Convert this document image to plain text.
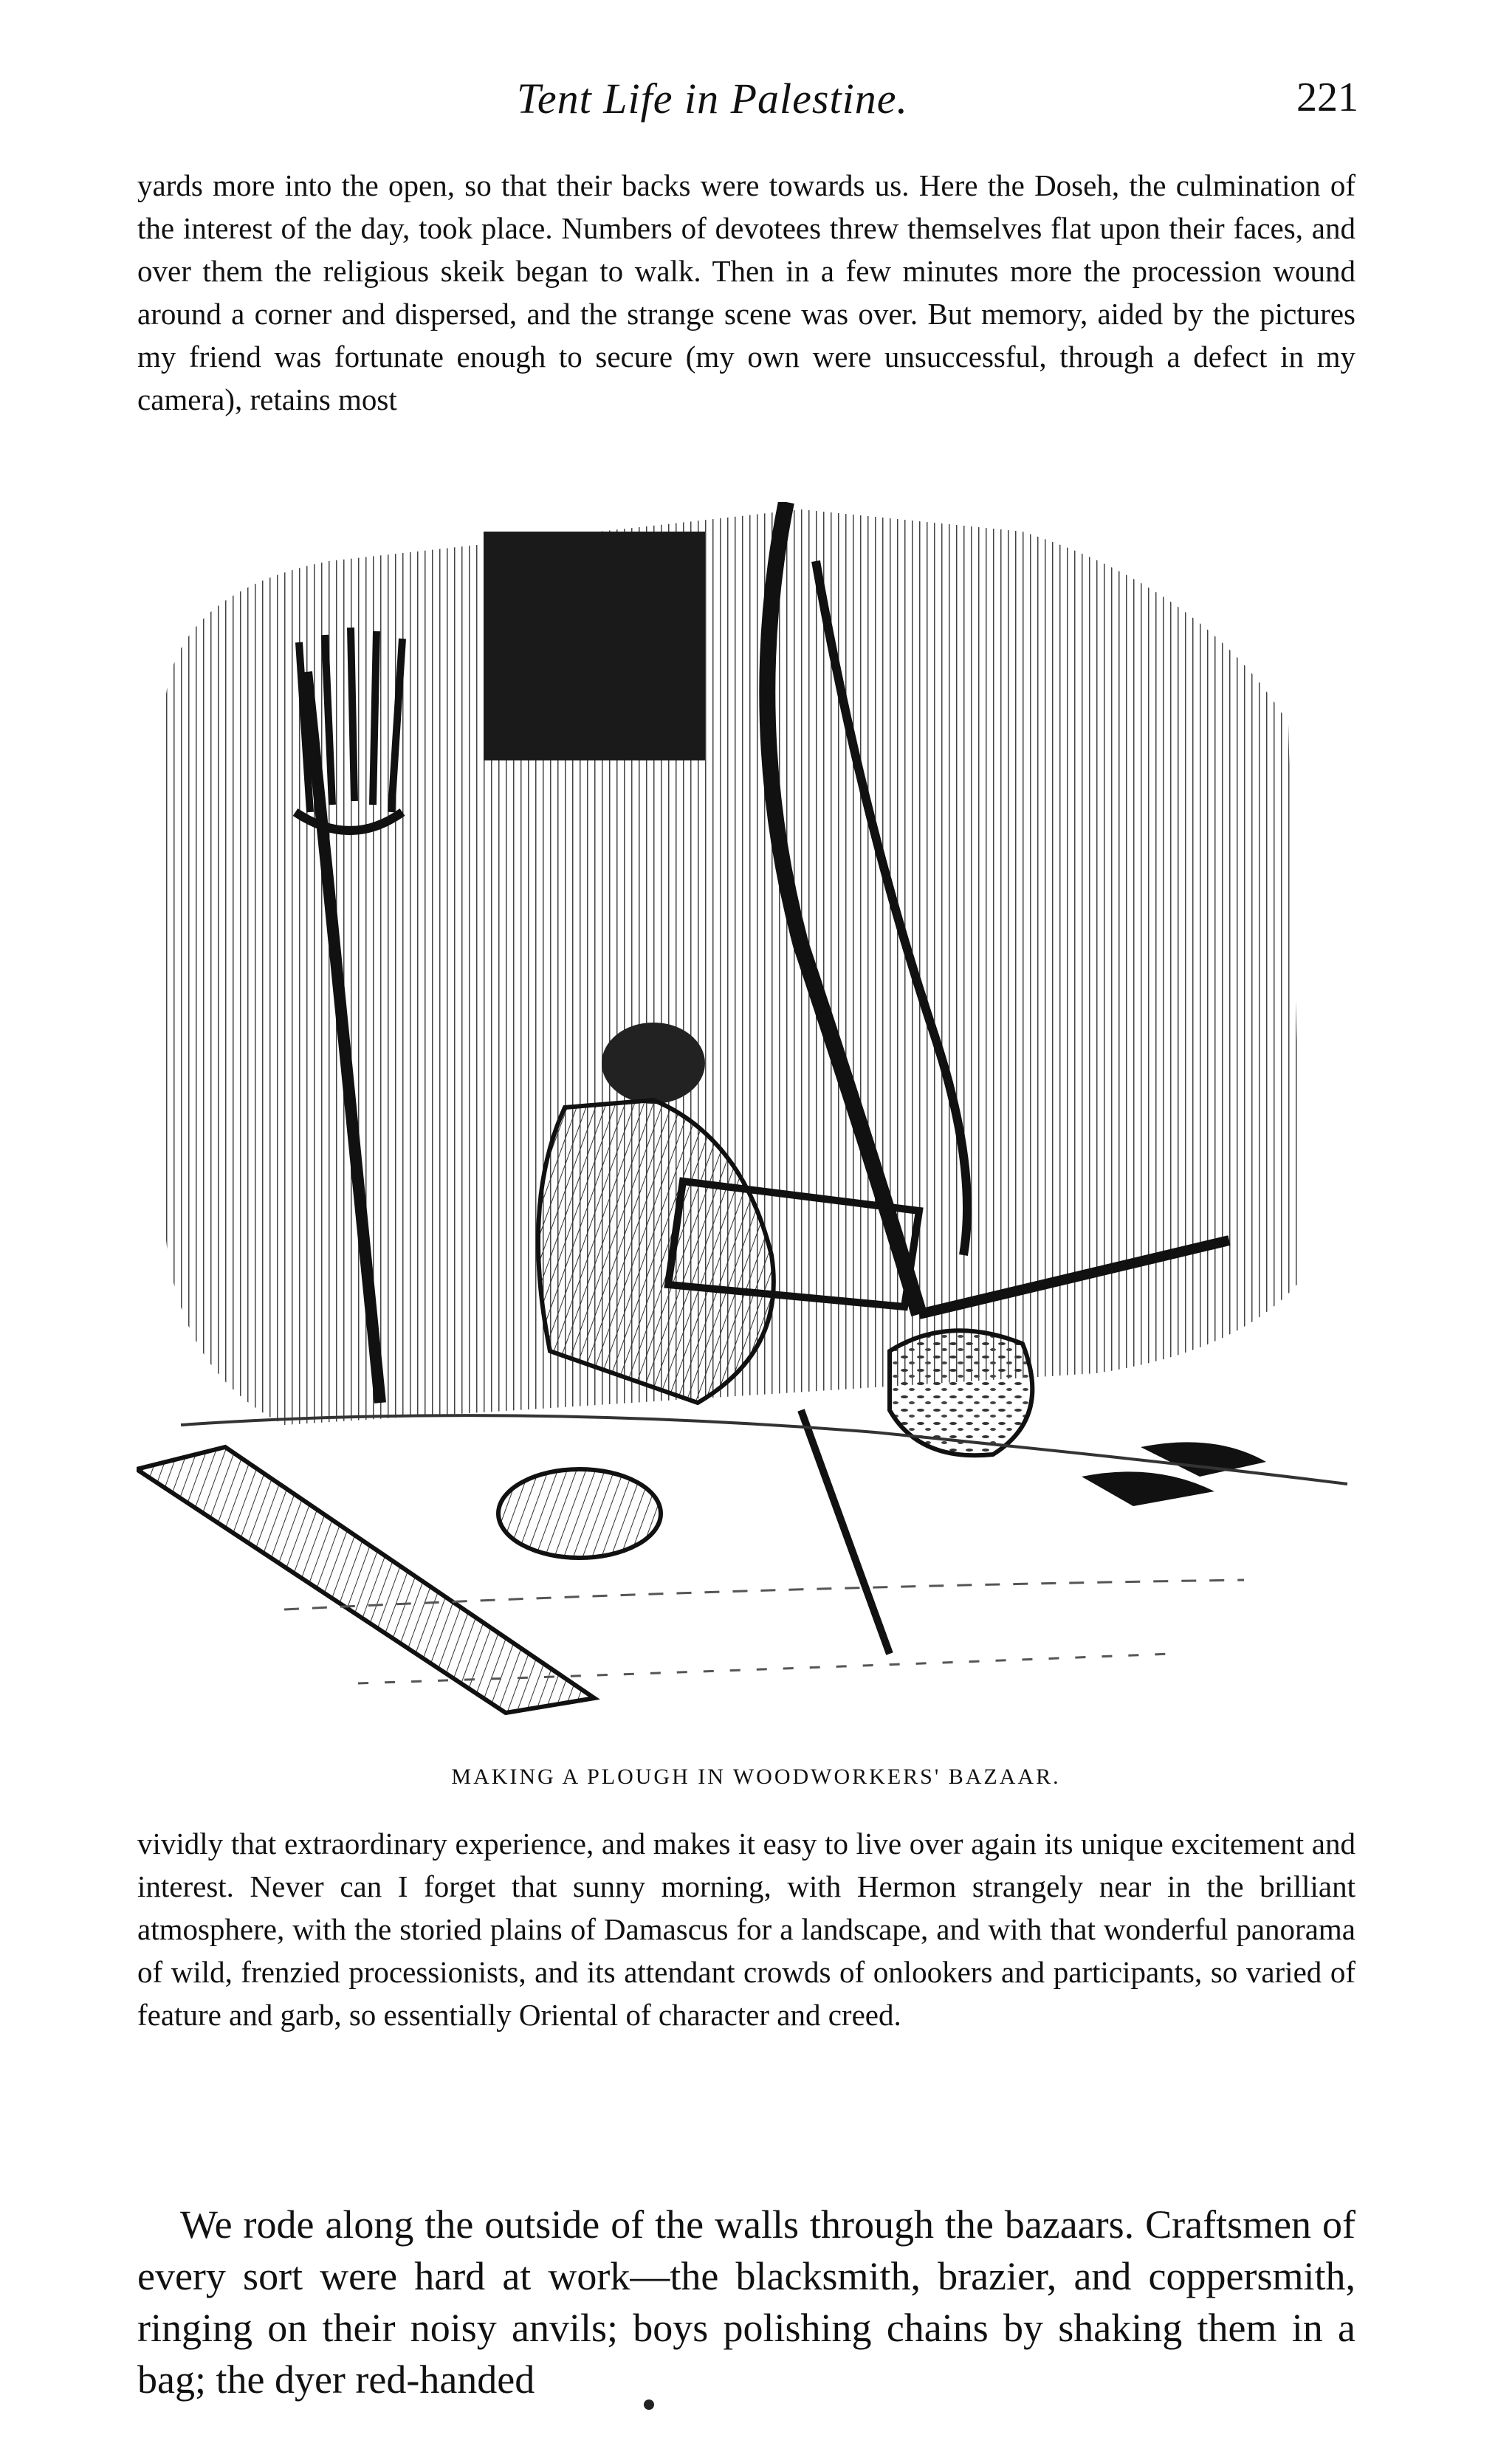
Tent Life in Palestine.	221

yards more into the open, so that their backs were towards us. Here the Doseh, the culmination of the interest of the day, took place. Numbers of devotees threw themselves flat upon their faces, and over them the religious skeik began to walk. Then in a few minutes more the procession wound around a corner and dispersed, and the strange scene was over. But memory, aided by the pictures my friend was fortunate enough to secure (my own were unsuccessful, through a defect in my camera), retains most

MAKING A PLOUGH IN WOODWORKERS' BAZAAR.

vividly that extraordinary experience, and makes it easy to live over again its unique excitement and interest. Never can I forget that sunny morning, with Hermon strangely near in the brilliant atmosphere, with the storied plains of Damascus for a landscape, and with that wonderful panorama of wild, frenzied processionists, and its attendant crowds of onlookers and participants, so varied of feature and garb, so essentially Oriental of character and creed.

We rode along the outside of the walls through the bazaars. Craftsmen of every sort were hard at work—the blacksmith, brazier, and coppersmith, ringing on their noisy anvils; boys polishing chains by shaking them in a bag; the dyer red-handed
